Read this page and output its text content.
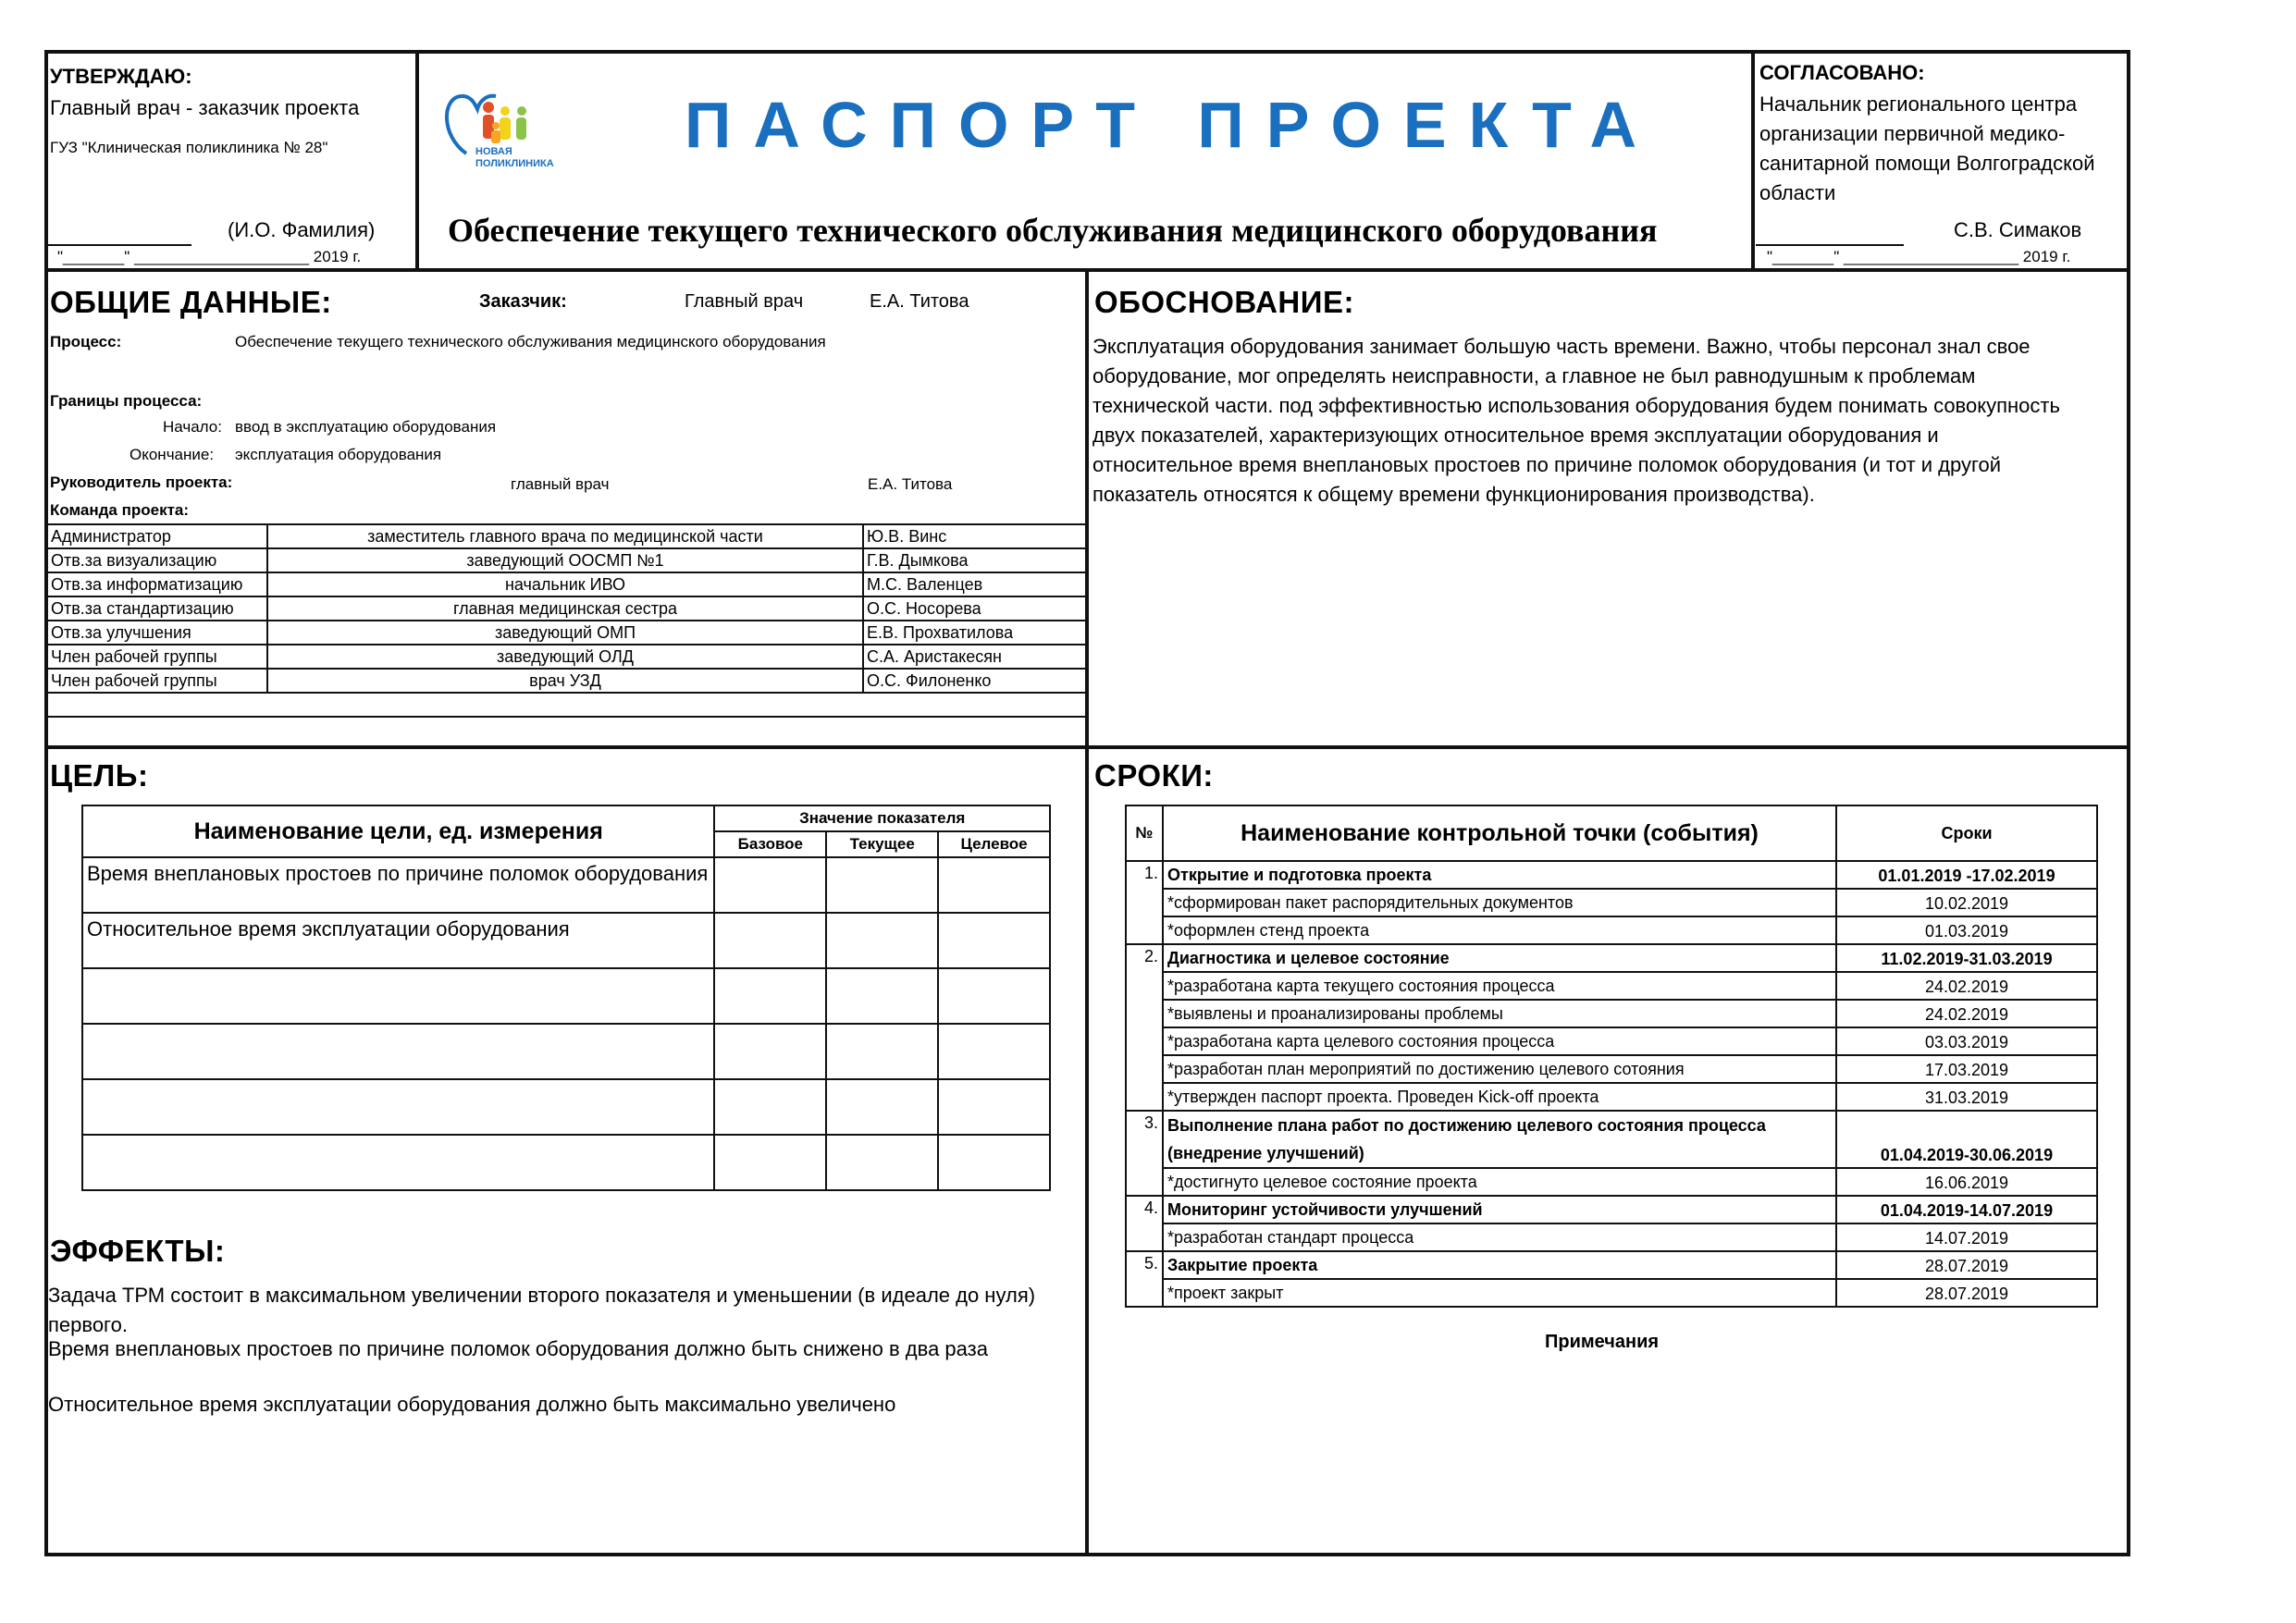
УТВЕРЖДАЮ:
Главный врач - заказчик проекта
ГУЗ "Клиническая поликлиника № 28"
(И.О. Фамилия)
"_______" ____________________ 2019 г.
НОВАЯ
ПОЛИКЛИНИКА
ПАСПОРТ ПРОЕКТА
Обеспечение текущего технического обслуживания медицинского оборудования
СОГЛАСОВАНО:
Начальник регионального центра
организации первичной медико-
санитарной помощи Волгоградской
области
С.В. Симаков
"_______" ____________________ 2019 г.
ОБЩИЕ ДАННЫЕ:	Заказчик:	Главный врач	Е.А. Титова
Процесс:	Обеспечение текущего технического обслуживания медицинского оборудования
Границы процесса:
Начало: ввод в эксплуатацию оборудования
Окончание: эксплуатация оборудования
Руководитель проекта:	главный врач	Е.А. Титова
Команда проекта:
Администратор	заместитель главного врача по медицинской части	Ю.В. Винс
Отв.за визуализацию	заведующий ООСМП №1	Г.В. Дымкова
Отв.за информатизацию	начальник ИВО	М.С. Валенцев
Отв.за стандартизацию	главная медицинская сестра	О.С. Носорева
Отв.за улучшения	заведующий ОМП	Е.В. Прохватилова
Член рабочей группы	заведующий ОЛД	С.А. Аристакесян
Член рабочей группы	врач УЗД	О.С. Филоненко

ОБОСНОВАНИЕ:
Эксплуатация оборудования занимает большую часть времени. Важно, чтобы персонал знал свое
оборудование, мог определять неисправности, а главное не был равнодушным к проблемам
технической части. под эффективностью использования оборудования будем понимать совокупность
двух показателей, характеризующих относительное время эксплуатации оборудования и
относительное время внеплановых простоев по причине поломок оборудования (и тот и другой
показатель относятся к общему времени функционирования производства).
ЦЕЛЬ:
Наименование цели, ед. измерения	Значение показателя		
	Базовое	Текущее	Целевое
Время внеплановых простоев по причине поломок оборудования			
Относительное время эксплуатации оборудования			

ЭФФЕКТЫ:
Задача ТРМ состоит в максимальном увеличении второго показателя и уменьшении (в идеале до нуля)
первого.
Время внеплановых простоев по причине поломок оборудования должно быть снижено в два раза
Относительное время эксплуатации оборудования должно быть максимально увеличено
СРОКИ:
№	Наименование контрольной точки (события)	Сроки
1.	Открытие и подготовка проекта	01.01.2019 -17.02.2019
	*сформирован пакет распорядительных документов	10.02.2019
	*оформлен стенд проекта	01.03.2019
2.	Диагностика и целевое состояние	11.02.2019-31.03.2019
	*разработана карта текущего состояния процесса	24.02.2019
	*выявлены и проанализированы проблемы	24.02.2019
	*разработана карта целевого состояния процесса	03.03.2019
	*разработан план мероприятий по достижению целевого сотояния	17.03.2019
	*утвержден паспорт проекта. Проведен Kick-off проекта	31.03.2019
3.	Выполнение плана работ по достижению целевого состояния процесса (внедрение улучшений)	01.04.2019-30.06.2019
	*достигнуто целевое состояние проекта	16.06.2019
4.	Мониторинг устойчивости улучшений	01.04.2019-14.07.2019
	*разработан стандарт процесса	14.07.2019
5.	Закрытие проекта	28.07.2019
	*проект закрыт	28.07.2019
Примечания
